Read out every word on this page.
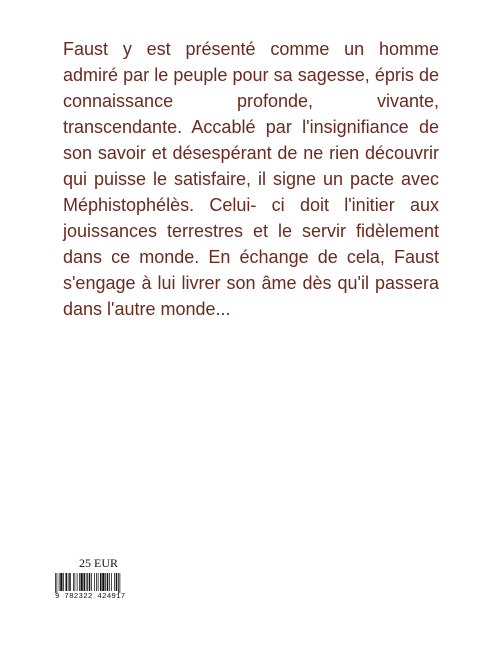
Faust y est présenté comme un homme admiré par le peuple pour sa sagesse, épris de connaissance profonde, vivante, transcendante. Accablé par l'insignifiance de son savoir et désespérant de ne rien découvrir qui puisse le satisfaire, il signe un pacte avec Méphistophélès. Celui- ci doit l'initier aux jouissances terrestres et le servir fidèlement dans ce monde. En échange de cela, Faust s'engage à lui livrer son âme dès qu'il passera dans l'autre monde...

25 EUR

9 782322 424917
